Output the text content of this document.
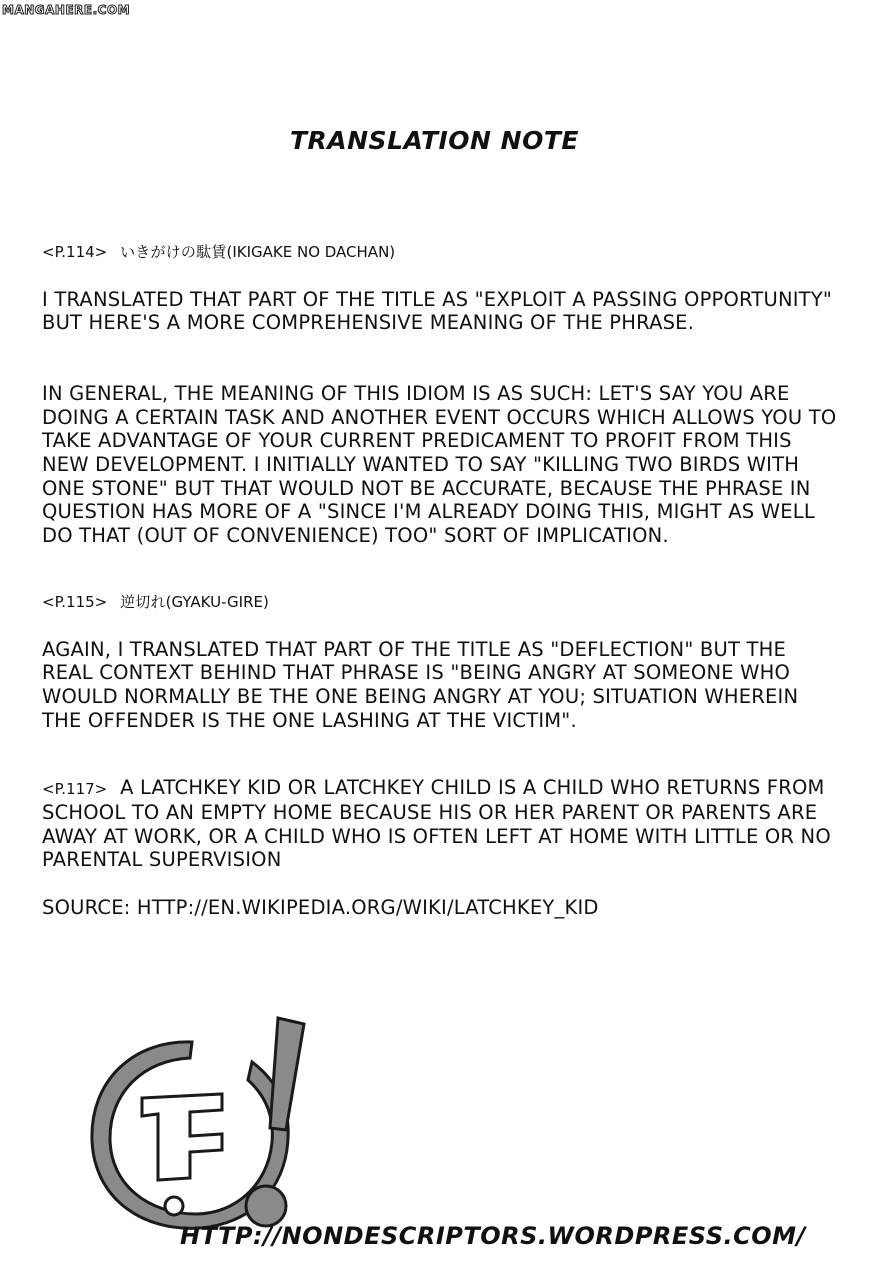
MANGAHERE.COM
TRANSLATION NOTE

<P.114> いきがけの駄賃(IKIGAKE NO DACHAN)

I TRANSLATED THAT PART OF THE TITLE AS "EXPLOIT A PASSING OPPORTUNITY" BUT HERE'S A MORE COMPREHENSIVE MEANING OF THE PHRASE.

IN GENERAL, THE MEANING OF THIS IDIOM IS AS SUCH: LET'S SAY YOU ARE DOING A CERTAIN TASK AND ANOTHER EVENT OCCURS WHICH ALLOWS YOU TO TAKE ADVANTAGE OF YOUR CURRENT PREDICAMENT TO PROFIT FROM THIS NEW DEVELOPMENT. I INITIALLY WANTED TO SAY "KILLING TWO BIRDS WITH ONE STONE" BUT THAT WOULD NOT BE ACCURATE, BECAUSE THE PHRASE IN QUESTION HAS MORE OF A "SINCE I'M ALREADY DOING THIS, MIGHT AS WELL DO THAT (OUT OF CONVENIENCE) TOO" SORT OF IMPLICATION.

<P.115> 逆切れ(GYAKU-GIRE)

AGAIN, I TRANSLATED THAT PART OF THE TITLE AS "DEFLECTION" BUT THE REAL CONTEXT BEHIND THAT PHRASE IS "BEING ANGRY AT SOMEONE WHO WOULD NORMALLY BE THE ONE BEING ANGRY AT YOU; SITUATION WHEREIN THE OFFENDER IS THE ONE LASHING AT THE VICTIM".

<P.117> A LATCHKEY KID OR LATCHKEY CHILD IS A CHILD WHO RETURNS FROM SCHOOL TO AN EMPTY HOME BECAUSE HIS OR HER PARENT OR PARENTS ARE AWAY AT WORK, OR A CHILD WHO IS OFTEN LEFT AT HOME WITH LITTLE OR NO PARENTAL SUPERVISION

SOURCE: HTTP://EN.WIKIPEDIA.ORG/WIKI/LATCHKEY_KID

HTTP://NONDESCRIPTORS.WORDPRESS.COM/
